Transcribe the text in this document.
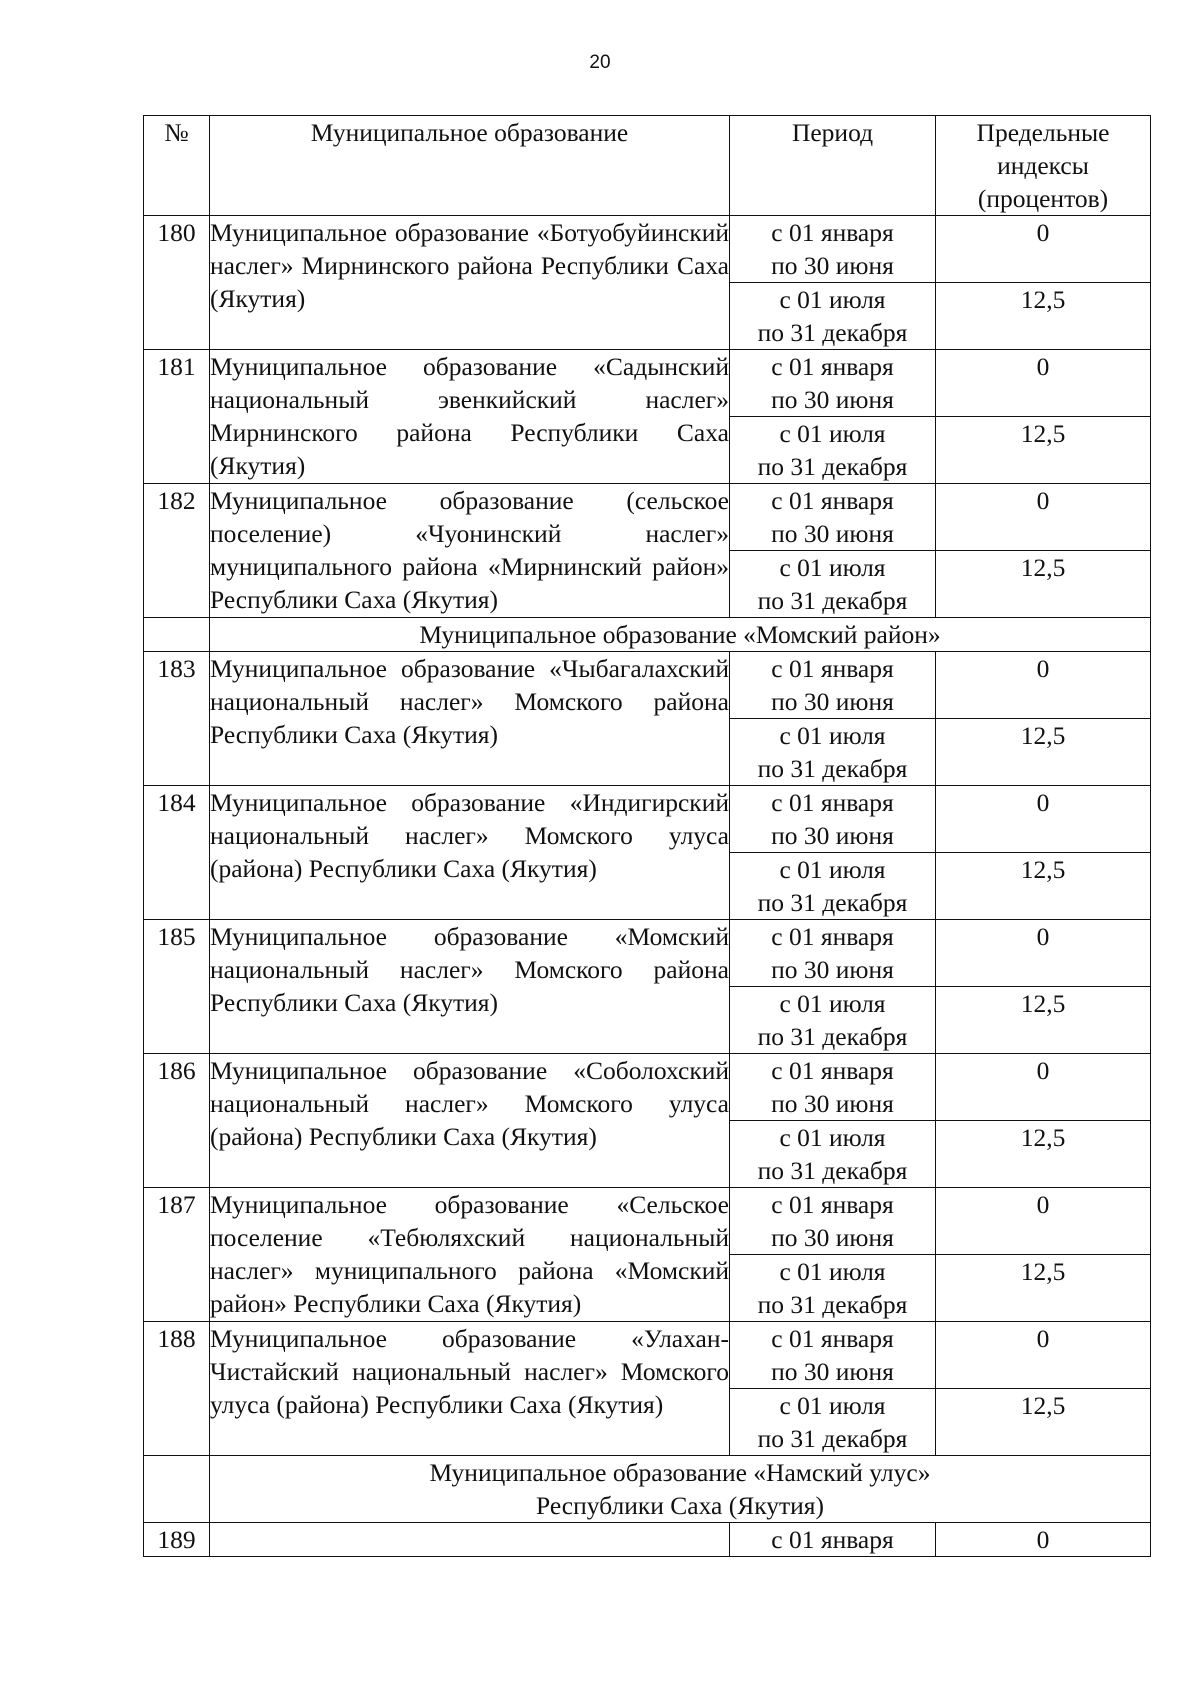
20
№	Муниципальное образование	Период	Предельные
индексы
(процентов)

180	Муниципальное образование «Ботуобуйинский наслег» Мирнинского района Республики Саха (Якутия)	с 01 января
по 30 июня	0

		с 01 июля
по 31 декабря	12,5
181	Муниципальное образование «Садынский национальный эвенкийский наслег» Мирнинского района Республики Саха (Якутия)	с 01 января
по 30 июня	0

		с 01 июля
по 31 декабря	12,5
182	Муниципальное образование (сельское поселение) «Чуонинский наслег» муниципального района «Мирнинский район» Республики Саха (Якутия)	с 01 января
по 30 июня	0

		с 01 июля
по 31 декабря	12,5
	Муниципальное образование «Момский район»		
183	Муниципальное образование «Чыбагалахский национальный наслег» Момского района Республики Саха (Якутия)	с 01 января
по 30 июня	0

		с 01 июля
по 31 декабря	12,5
184	Муниципальное образование «Индигирский национальный наслег» Момского улуса (района) Республики Саха (Якутия)	с 01 января
по 30 июня	0

		с 01 июля
по 31 декабря	12,5
185	Муниципальное образование «Момский национальный наслег» Момского района Республики Саха (Якутия)	с 01 января
по 30 июня	0

		с 01 июля
по 31 декабря	12,5
186	Муниципальное образование «Соболохский национальный наслег» Момского улуса (района) Республики Саха (Якутия)	с 01 января
по 30 июня	0

		с 01 июля
по 31 декабря	12,5
187	Муниципальное образование «Сельское поселение «Тебюляхский национальный наслег» муниципального района «Момский район» Республики Саха (Якутия)	с 01 января
по 30 июня	0

		с 01 июля
по 31 декабря	12,5
188	Муниципальное образование «Улахан-Чистайский национальный наслег» Момского улуса (района) Республики Саха (Якутия)	с 01 января
по 30 июня	0

		с 01 июля
по 31 декабря	12,5

	Муниципальное образование «Намский улус»
Республики Саха (Якутия)		

189		с 01 января	0
